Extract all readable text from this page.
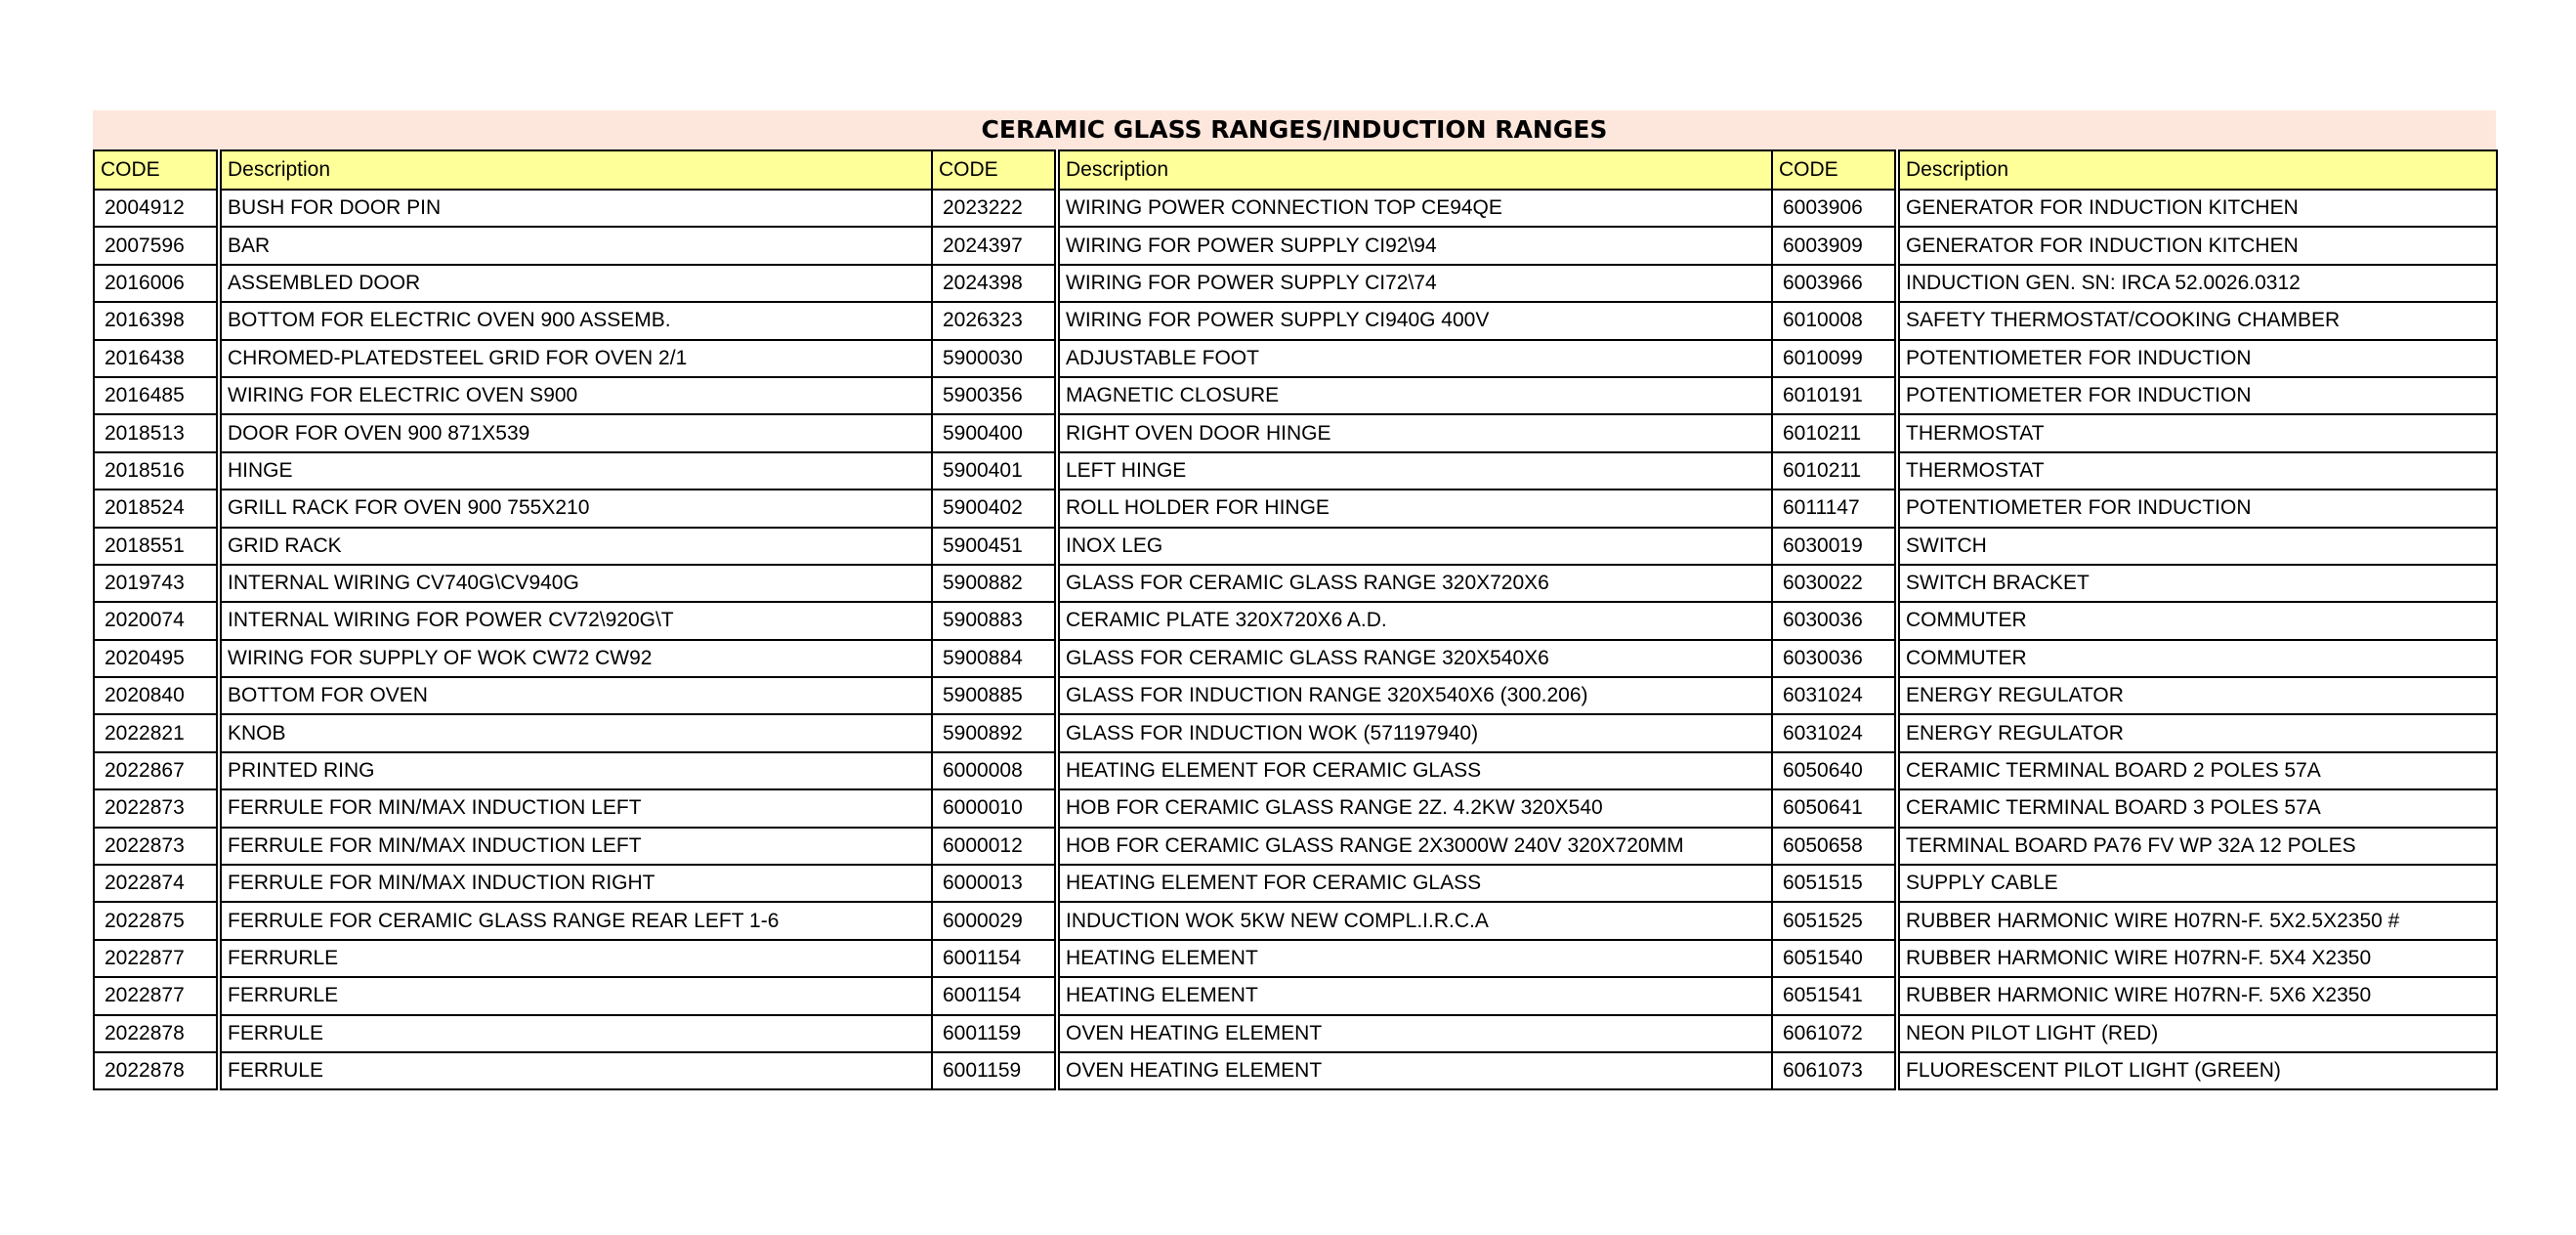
CERAMIC GLASS RANGES/INDUCTION RANGES
CODE	Description	CODE	Description	CODE	Description
2004912	BUSH FOR DOOR PIN	2023222	WIRING POWER CONNECTION TOP CE94QE	6003906	GENERATOR FOR INDUCTION KITCHEN
2007596	BAR	2024397	WIRING FOR POWER SUPPLY CI92\94	6003909	GENERATOR FOR INDUCTION KITCHEN
2016006	ASSEMBLED DOOR	2024398	WIRING FOR POWER SUPPLY CI72\74	6003966	INDUCTION GEN. SN: IRCA 52.0026.0312
2016398	BOTTOM FOR ELECTRIC OVEN 900 ASSEMB.	2026323	WIRING FOR POWER SUPPLY CI940G 400V	6010008	SAFETY THERMOSTAT/COOKING CHAMBER
2016438	CHROMED-PLATEDSTEEL GRID FOR OVEN 2/1	5900030	ADJUSTABLE FOOT	6010099	POTENTIOMETER FOR INDUCTION
2016485	WIRING FOR ELECTRIC OVEN S900	5900356	MAGNETIC CLOSURE	6010191	POTENTIOMETER FOR INDUCTION
2018513	DOOR FOR OVEN 900 871X539	5900400	RIGHT OVEN DOOR HINGE	6010211	THERMOSTAT
2018516	HINGE	5900401	LEFT HINGE	6010211	THERMOSTAT
2018524	GRILL RACK FOR OVEN 900 755X210	5900402	ROLL HOLDER FOR HINGE	6011147	POTENTIOMETER FOR INDUCTION
2018551	GRID RACK	5900451	INOX LEG	6030019	SWITCH
2019743	INTERNAL WIRING CV740G\CV940G	5900882	GLASS FOR CERAMIC GLASS RANGE 320X720X6	6030022	SWITCH BRACKET
2020074	INTERNAL WIRING FOR POWER CV72\920G\T	5900883	CERAMIC PLATE 320X720X6 A.D.	6030036	COMMUTER
2020495	WIRING FOR SUPPLY OF WOK CW72 CW92	5900884	GLASS FOR CERAMIC GLASS RANGE 320X540X6	6030036	COMMUTER
2020840	BOTTOM FOR OVEN	5900885	GLASS FOR INDUCTION RANGE 320X540X6 (300.206)	6031024	ENERGY REGULATOR
2022821	KNOB	5900892	GLASS FOR INDUCTION WOK (571197940)	6031024	ENERGY REGULATOR
2022867	PRINTED RING	6000008	HEATING ELEMENT FOR CERAMIC GLASS	6050640	CERAMIC TERMINAL BOARD 2 POLES 57A
2022873	FERRULE FOR MIN/MAX INDUCTION LEFT	6000010	HOB FOR CERAMIC GLASS RANGE 2Z. 4.2KW 320X540	6050641	CERAMIC TERMINAL BOARD 3 POLES 57A
2022873	FERRULE FOR MIN/MAX INDUCTION LEFT	6000012	HOB FOR CERAMIC GLASS RANGE 2X3000W 240V 320X720MM	6050658	TERMINAL BOARD PA76 FV WP 32A 12 POLES
2022874	FERRULE FOR MIN/MAX INDUCTION RIGHT	6000013	HEATING ELEMENT FOR CERAMIC GLASS	6051515	SUPPLY CABLE
2022875	FERRULE FOR CERAMIC GLASS RANGE REAR LEFT 1-6	6000029	INDUCTION WOK 5KW NEW COMPL.I.R.C.A	6051525	RUBBER HARMONIC WIRE H07RN-F. 5X2.5X2350 #
2022877	FERRURLE	6001154	HEATING ELEMENT	6051540	RUBBER HARMONIC WIRE H07RN-F. 5X4 X2350
2022877	FERRURLE	6001154	HEATING ELEMENT	6051541	RUBBER HARMONIC WIRE H07RN-F. 5X6 X2350
2022878	FERRULE	6001159	OVEN HEATING ELEMENT	6061072	NEON PILOT LIGHT (RED)
2022878	FERRULE	6001159	OVEN HEATING ELEMENT	6061073	FLUORESCENT PILOT LIGHT (GREEN)
